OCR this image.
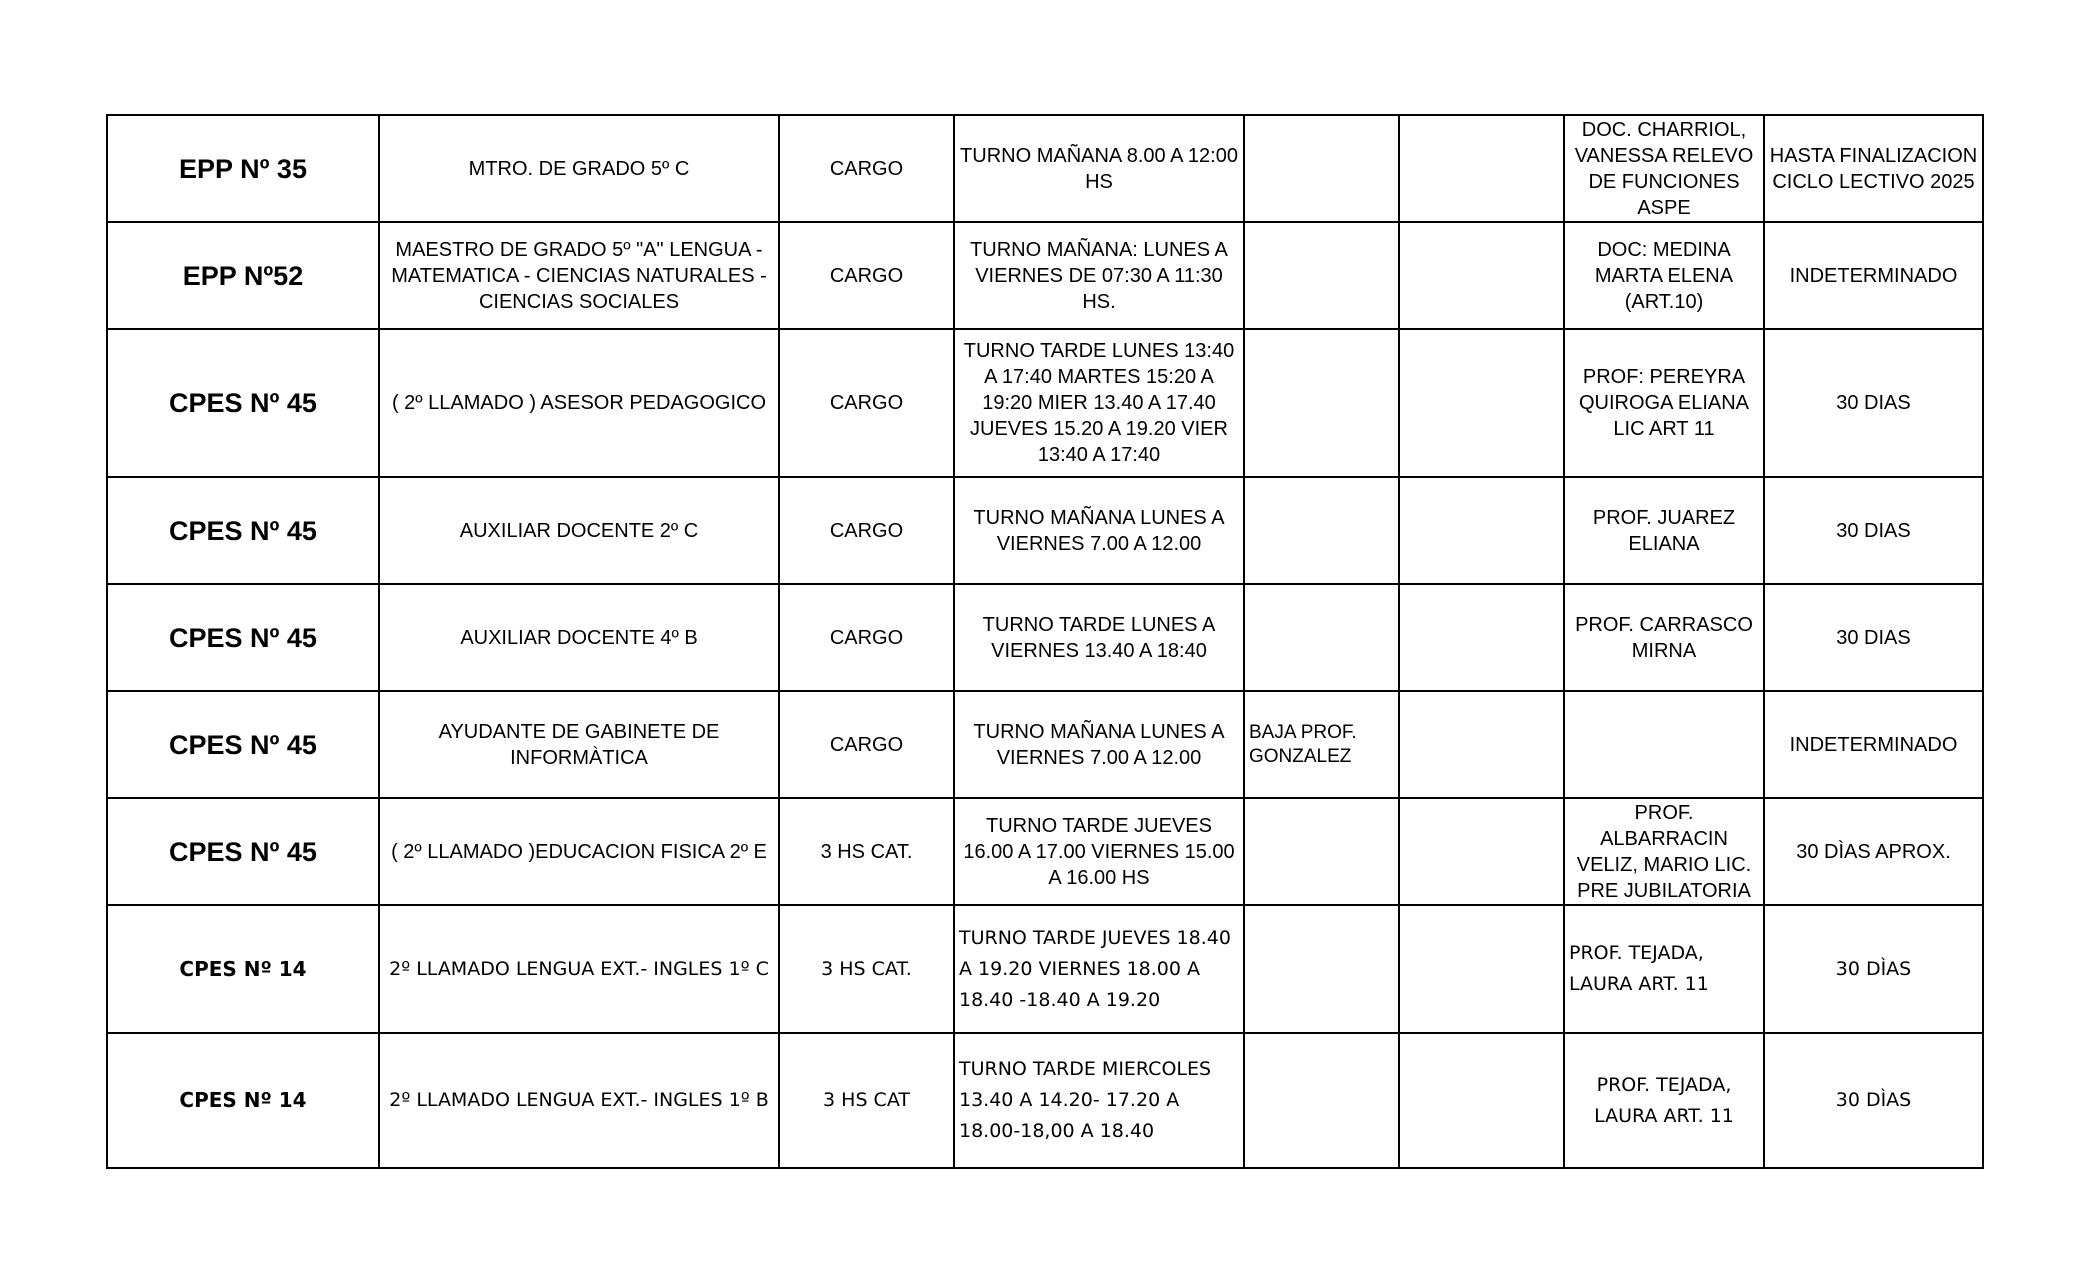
EPP Nº 35	MTRO. DE GRADO 5º C	CARGO	TURNO MAÑANA 8.00 A 12:00 HS			DOC. CHARRIOL, VANESSA RELEVO DE FUNCIONES ASPE	HASTA FINALIZACION CICLO LECTIVO 2025
EPP Nº52	MAESTRO DE GRADO 5º "A" LENGUA - MATEMATICA - CIENCIAS NATURALES - CIENCIAS SOCIALES	CARGO	TURNO MAÑANA: LUNES A VIERNES DE 07:30 A 11:30 HS.			DOC: MEDINA MARTA ELENA (ART.10)	INDETERMINADO
CPES Nº 45	( 2º LLAMADO ) ASESOR PEDAGOGICO	CARGO	TURNO TARDE LUNES 13:40 A 17:40 MARTES 15:20 A 19:20 MIER 13.40 A 17.40 JUEVES 15.20 A 19.20 VIER 13:40 A 17:40			PROF: PEREYRA QUIROGA ELIANA LIC ART 11	30 DIAS
CPES Nº 45	AUXILIAR DOCENTE 2º C	CARGO	TURNO MAÑANA LUNES A VIERNES 7.00 A 12.00			PROF. JUAREZ ELIANA	30 DIAS
CPES Nº 45	AUXILIAR DOCENTE 4º B	CARGO	TURNO TARDE LUNES A VIERNES 13.40 A 18:40			PROF. CARRASCO MIRNA	30 DIAS
CPES Nº 45	AYUDANTE DE GABINETE DE INFORMÀTICA	CARGO	TURNO MAÑANA LUNES A VIERNES 7.00 A 12.00	BAJA PROF. GONZALEZ			INDETERMINADO
CPES Nº 45	( 2º LLAMADO )EDUCACION FISICA 2º E	3 HS CAT.	TURNO TARDE JUEVES 16.00 A 17.00 VIERNES 15.00 A 16.00 HS			PROF. ALBARRACIN VELIZ, MARIO LIC. PRE JUBILATORIA	30 DÌAS APROX.
CPES Nº 14	2º LLAMADO LENGUA EXT.- INGLES 1º C	3 HS CAT.	TURNO TARDE JUEVES 18.40 A 19.20 VIERNES 18.00 A 18.40 -18.40 A 19.20			PROF. TEJADA, LAURA ART. 11	30 DÌAS
CPES Nº 14	2º LLAMADO LENGUA EXT.- INGLES 1º B	3 HS CAT	TURNO TARDE MIERCOLES 13.40 A 14.20- 17.20 A 18.00-18,00 A 18.40			PROF. TEJADA, LAURA ART. 11	30 DÌAS
